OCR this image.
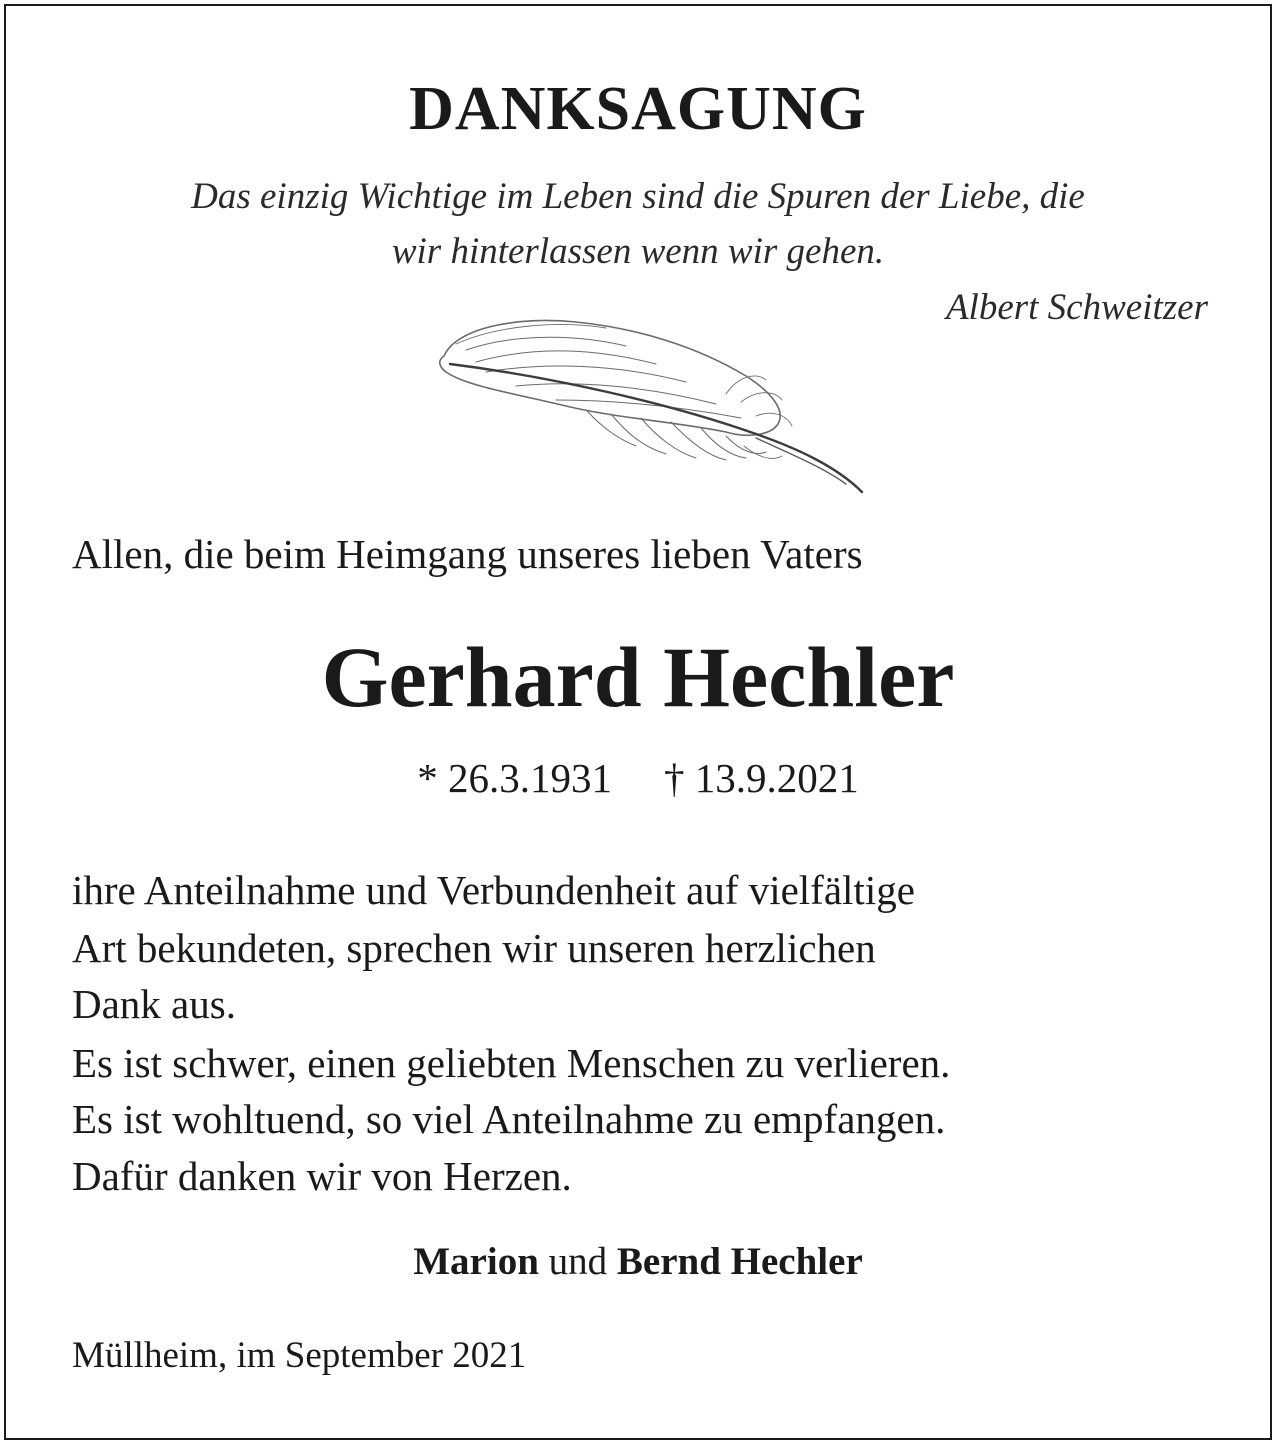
DANKSAGUNG

Das einzig Wichtige im Leben sind die Spuren der Liebe, die

wir hinterlassen wenn wir gehen.

Albert Schweitzer

Allen, die beim Heimgang unseres lieben Vaters

Gerhard Hechler

* 26.3.1931 † 13.9.2021

ihre Anteilnahme und Verbundenheit auf vielfältige

Art bekundeten, sprechen wir unseren herzlichen

Dank aus.

Es ist schwer, einen geliebten Menschen zu verlieren.

Es ist wohltuend, so viel Anteilnahme zu empfangen.

Dafür danken wir von Herzen.

Marion und Bernd Hechler

Müllheim, im September 2021
